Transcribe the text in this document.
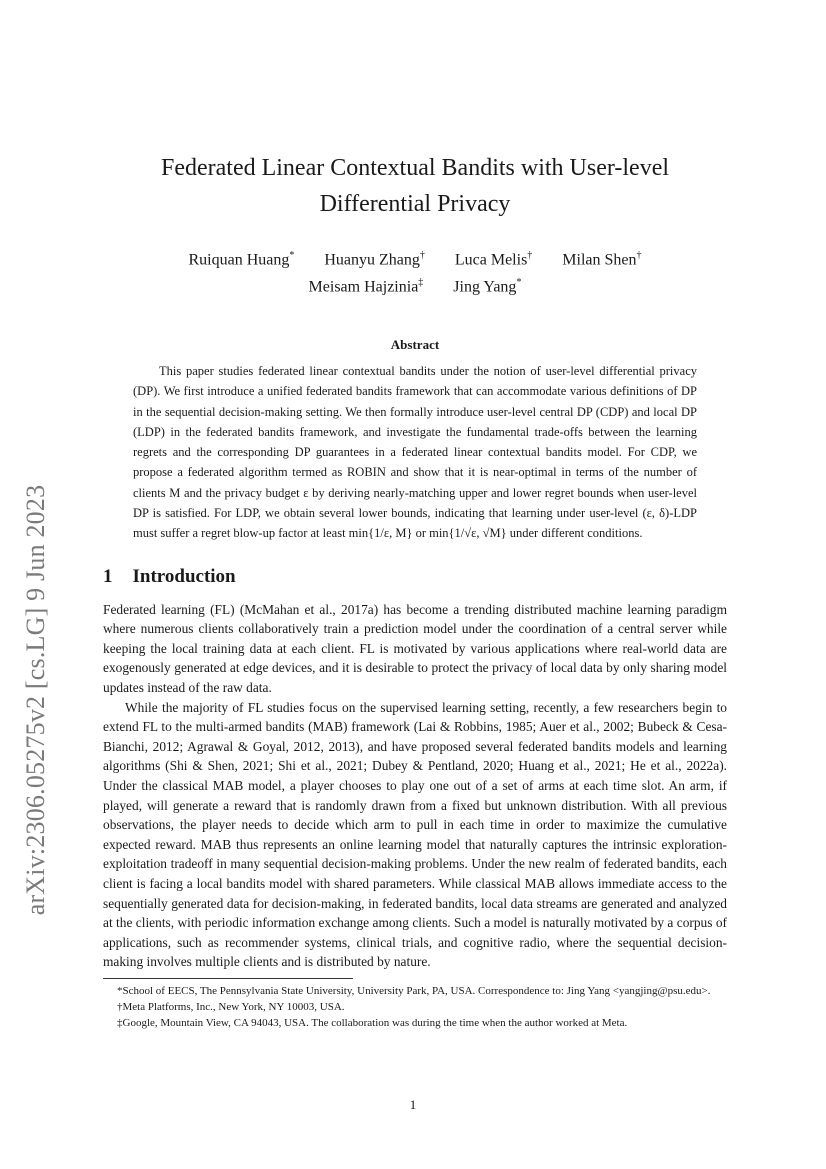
arXiv:2306.05275v2 [cs.LG] 9 Jun 2023
Federated Linear Contextual Bandits with User-level
Differential Privacy
Ruiquan Huang* Huanyu Zhang† Luca Melis† Milan Shen†
Meisam Hajzinia‡ Jing Yang*
Abstract

This paper studies federated linear contextual bandits under the notion of user-level differential privacy (DP). We first introduce a unified federated bandits framework that can accommodate various definitions of DP in the sequential decision-making setting. We then formally introduce user-level central DP (CDP) and local DP (LDP) in the federated bandits framework, and investigate the fundamental trade-offs between the learning regrets and the corresponding DP guarantees in a federated linear contextual bandits model. For CDP, we propose a federated algorithm termed as ROBIN and show that it is near-optimal in terms of the number of clients M and the privacy budget ε by deriving nearly-matching upper and lower regret bounds when user-level DP is satisfied. For LDP, we obtain several lower bounds, indicating that learning under user-level (ε, δ)-LDP must suffer a regret blow-up factor at least min{1/ε, M} or min{1/√ε, √M} under different conditions.

1 Introduction

Federated learning (FL) (McMahan et al., 2017a) has become a trending distributed machine learning paradigm where numerous clients collaboratively train a prediction model under the coordination of a central server while keeping the local training data at each client. FL is motivated by various applications where real-world data are exogenously generated at edge devices, and it is desirable to protect the privacy of local data by only sharing model updates instead of the raw data.

While the majority of FL studies focus on the supervised learning setting, recently, a few researchers begin to extend FL to the multi-armed bandits (MAB) framework (Lai & Robbins, 1985; Auer et al., 2002; Bubeck & Cesa-Bianchi, 2012; Agrawal & Goyal, 2012, 2013), and have proposed several federated bandits models and learning algorithms (Shi & Shen, 2021; Shi et al., 2021; Dubey & Pentland, 2020; Huang et al., 2021; He et al., 2022a). Under the classical MAB model, a player chooses to play one out of a set of arms at each time slot. An arm, if played, will generate a reward that is randomly drawn from a fixed but unknown distribution. With all previous observations, the player needs to decide which arm to pull in each time in order to maximize the cumulative expected reward. MAB thus represents an online learning model that naturally captures the intrinsic exploration-exploitation tradeoff in many sequential decision-making problems. Under the new realm of federated bandits, each client is facing a local bandits model with shared parameters. While classical MAB allows immediate access to the sequentially generated data for decision-making, in federated bandits, local data streams are generated and analyzed at the clients, with periodic information exchange among clients. Such a model is naturally motivated by a corpus of applications, such as recommender systems, clinical trials, and cognitive radio, where the sequential decision-making involves multiple clients and is distributed by nature.

*School of EECS, The Pennsylvania State University, University Park, PA, USA. Correspondence to: Jing Yang <yangjing@psu.edu>.

†Meta Platforms, Inc., New York, NY 10003, USA.

‡Google, Mountain View, CA 94043, USA. The collaboration was during the time when the author worked at Meta.

1
